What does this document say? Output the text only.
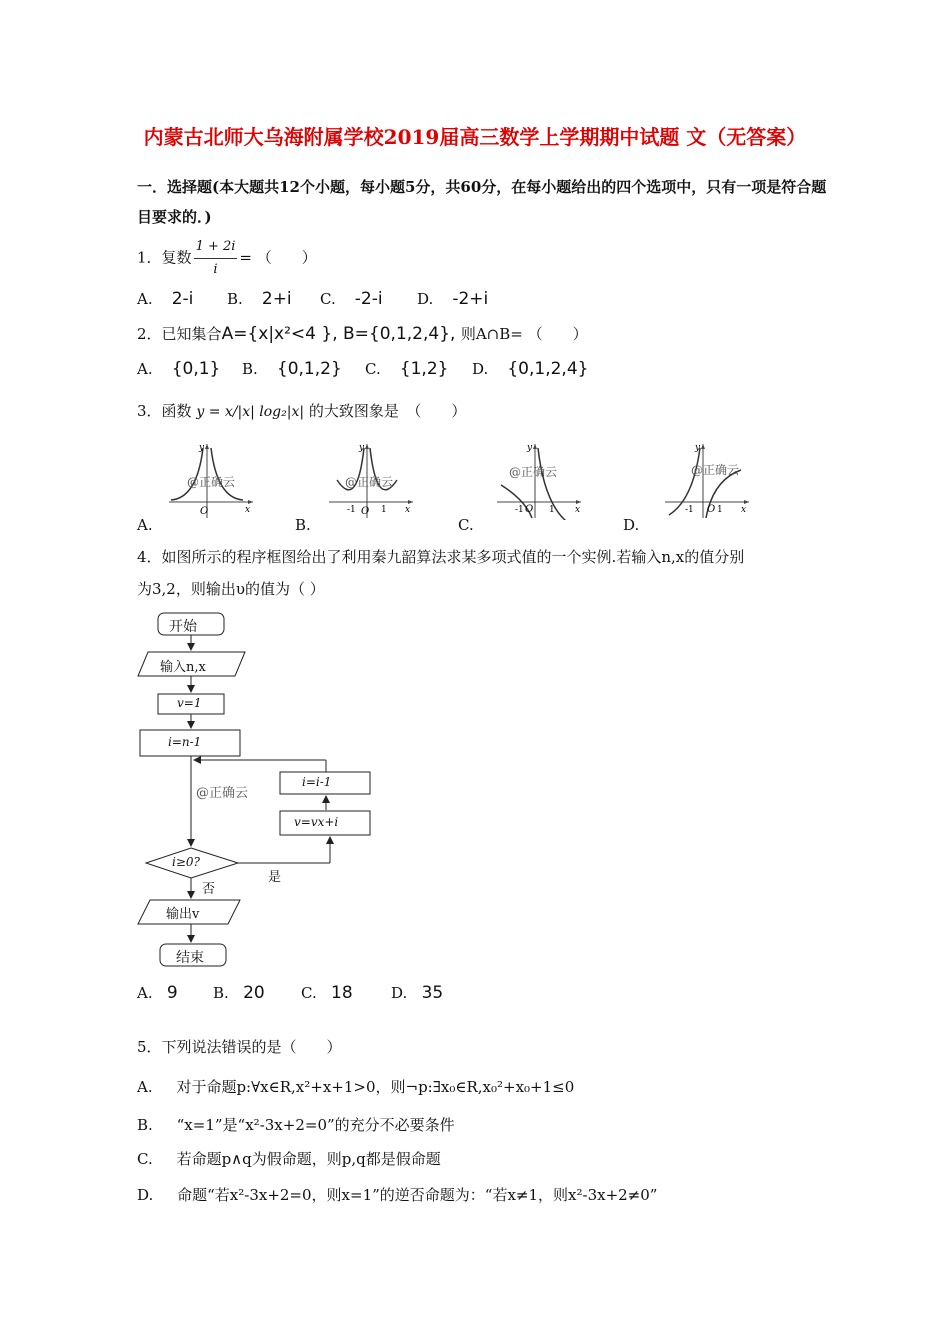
内蒙古北师大乌海附属学校2019届高三数学上学期期中试题 文（无答案）
一．选择题(本大题共12个小题，每小题5分，共60分，在每小题给出的四个选项中，只有一项是符合题目要求的．)
1．复数 $\frac{1 + 2i}{i}$ = （　　）
A. 2-i B. 2+i C. -2-i D. -2+i
2．已知集合A={x|x²<4 }, B={0,1,2,4}, 则A∩B= （　　）
A. {0,1} B. {0,1,2} C. {1,2} D. {0,1,2,4}
3．函数 y = x/|x| log₂|x| 的大致图象是　（　　）
A.	B.	C.	D.
O	x
y
@正确云
-1 O 1 x
y
@正确云
-1 O 1 x
y
@正确云
-1 O 1 x
y
@正确云
4．如图所示的程序框图给出了利用秦九韶算法求某多项式值的一个实例.若输入n,x的值分别
为3,2，则输出υ的值为（ ）
开始
输入n,x
v=1
i=n-1
i=i-1
v=vx+i
i≥0?
是
否
输出v
结束
@正确云
A. 9 B. 20 C. 18	D. 35
5．下列说法错误的是（　　）
A. 对于命题p:∀x∈R,x²+x+1>0，则¬p:∃x₀∈R,x₀²+x₀+1≤0
B. “x=1”是“x²-3x+2=0”的充分不必要条件
C. 若命题p∧q为假命题，则p,q都是假命题
D. 命题“若x²-3x+2=0，则x=1”的逆否命题为：“若x≠1，则x²-3x+2≠0”
